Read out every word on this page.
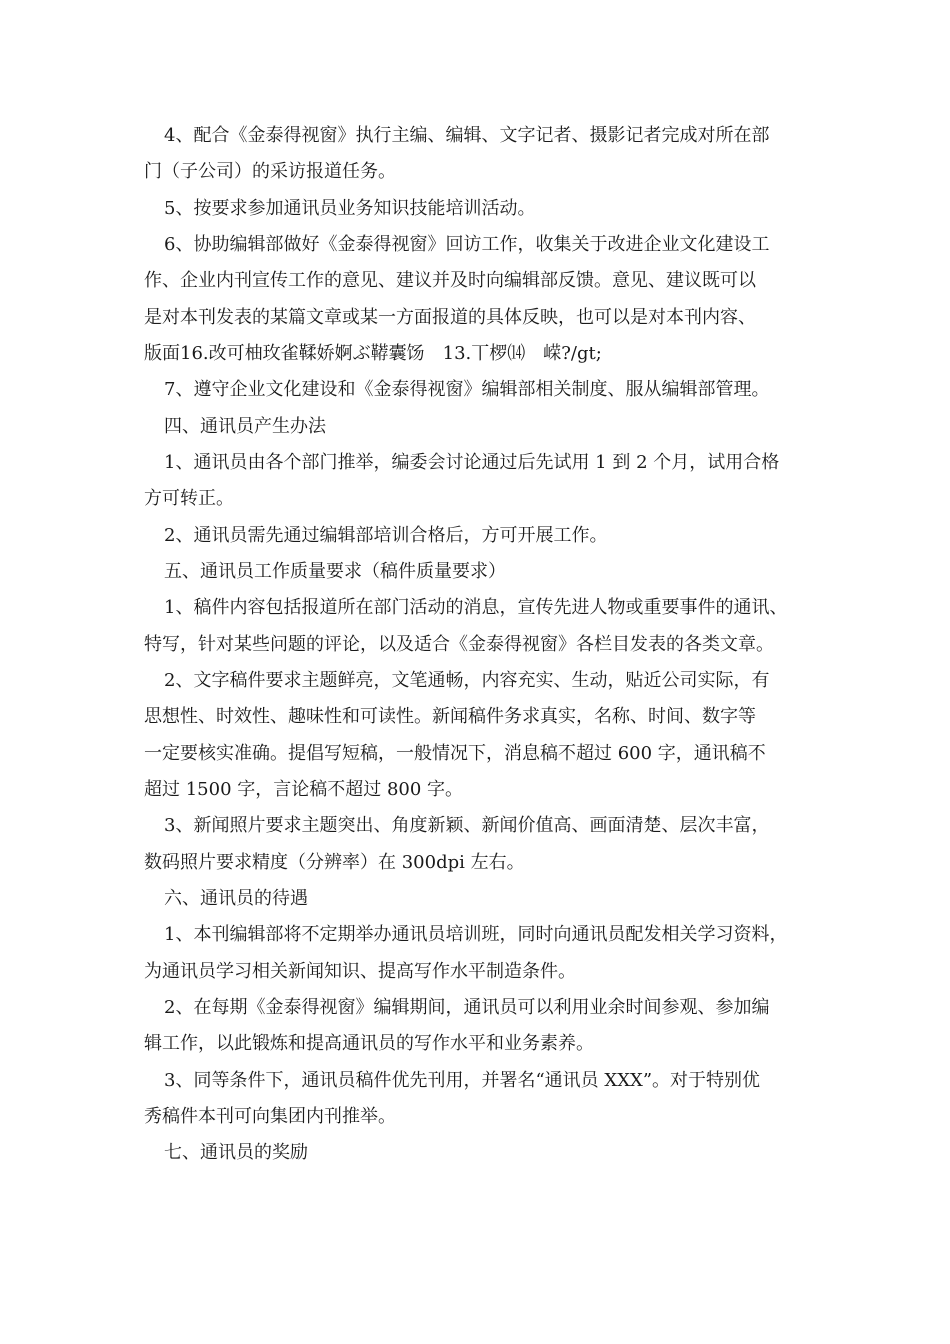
4、配合《金泰得视窗》执行主编、编辑、文字记者、摄影记者完成对所在部
门（子公司）的采访报道任务。
5、按要求参加通讯员业务知识技能培训活动。
6、协助编辑部做好《金泰得视窗》回访工作，收集关于改进企业文化建设工
作、企业内刊宣传工作的意见、建议并及时向编辑部反馈。意见、建议既可以
是对本刊发表的某篇文章或某一方面报道的具体反映，也可以是对本刊内容、
版面16.改可柚玫雀鞣娇婀ぶ鞯囊饧　13.丅椤⒁　嵘?/gt;
7、遵守企业文化建设和《金泰得视窗》编辑部相关制度、服从编辑部管理。
四、通讯员产生办法
1、通讯员由各个部门推举，编委会讨论通过后先试用 1 到 2 个月，试用合格
方可转正。
2、通讯员需先通过编辑部培训合格后，方可开展工作。
五、通讯员工作质量要求（稿件质量要求）
1、稿件内容包括报道所在部门活动的消息，宣传先进人物或重要事件的通讯、
特写，针对某些问题的评论，以及适合《金泰得视窗》各栏目发表的各类文章。
2、文字稿件要求主题鲜亮，文笔通畅，内容充实、生动，贴近公司实际，有
思想性、时效性、趣味性和可读性。新闻稿件务求真实，名称、时间、数字等
一定要核实准确。提倡写短稿，一般情况下，消息稿不超过 600 字，通讯稿不
超过 1500 字，言论稿不超过 800 字。
3、新闻照片要求主题突出、角度新颖、新闻价值高、画面清楚、层次丰富，
数码照片要求精度（分辨率）在 300dpi 左右。
六、通讯员的待遇
1、本刊编辑部将不定期举办通讯员培训班，同时向通讯员配发相关学习资料，
为通讯员学习相关新闻知识、提高写作水平制造条件。
2、在每期《金泰得视窗》编辑期间，通讯员可以利用业余时间参观、参加编
辑工作，以此锻炼和提高通讯员的写作水平和业务素养。
3、同等条件下，通讯员稿件优先刊用，并署名“通讯员 XXX”。对于特别优
秀稿件本刊可向集团内刊推举。
七、通讯员的奖励
